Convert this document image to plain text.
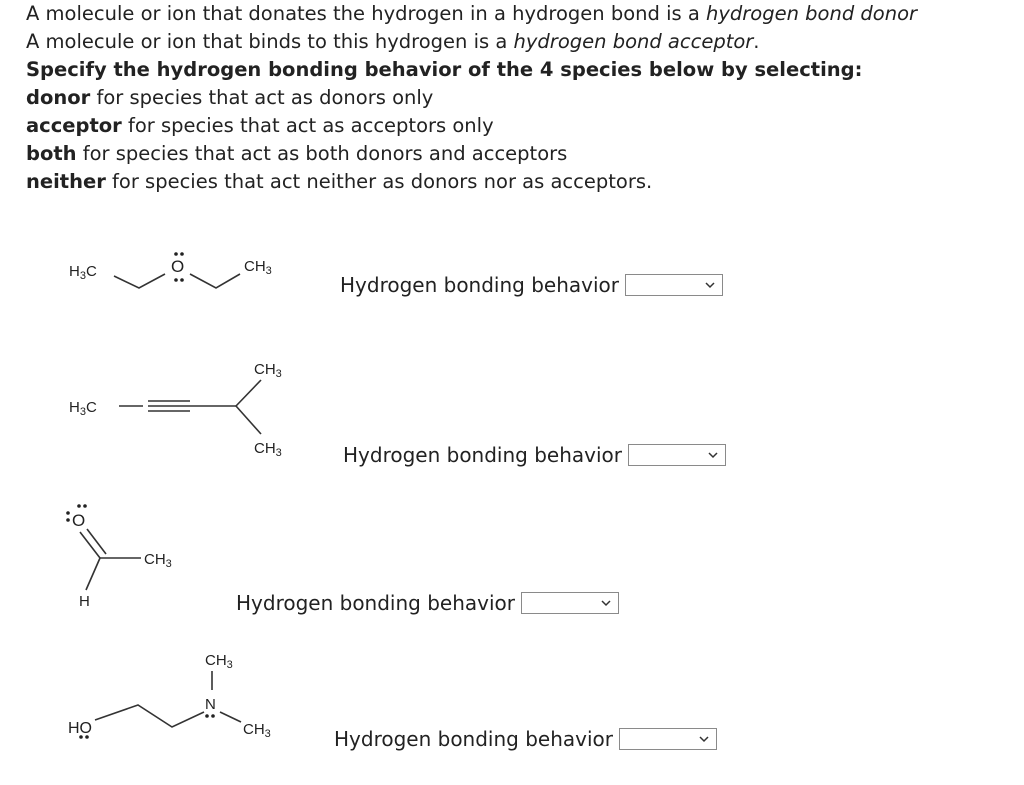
A molecule or ion that donates the hydrogen in a hydrogen bond is a hydrogen bond donor
A molecule or ion that binds to this hydrogen is a hydrogen bond acceptor.
Specify the hydrogen bonding behavior of the 4 species below by selecting:
donor for species that act as donors only
acceptor for species that act as acceptors only
both for species that act as both donors and acceptors
neither for species that act neither as donors nor as acceptors.
$H_3C$	O	$CH_3$
$H_3C$
$CH_3$
$CH_3$
O
H
$CH_3$
HO
$CH_3$
N
$CH_3$
Hydrogen bonding behavior
Hydrogen bonding behavior
Hydrogen bonding behavior
Hydrogen bonding behavior
